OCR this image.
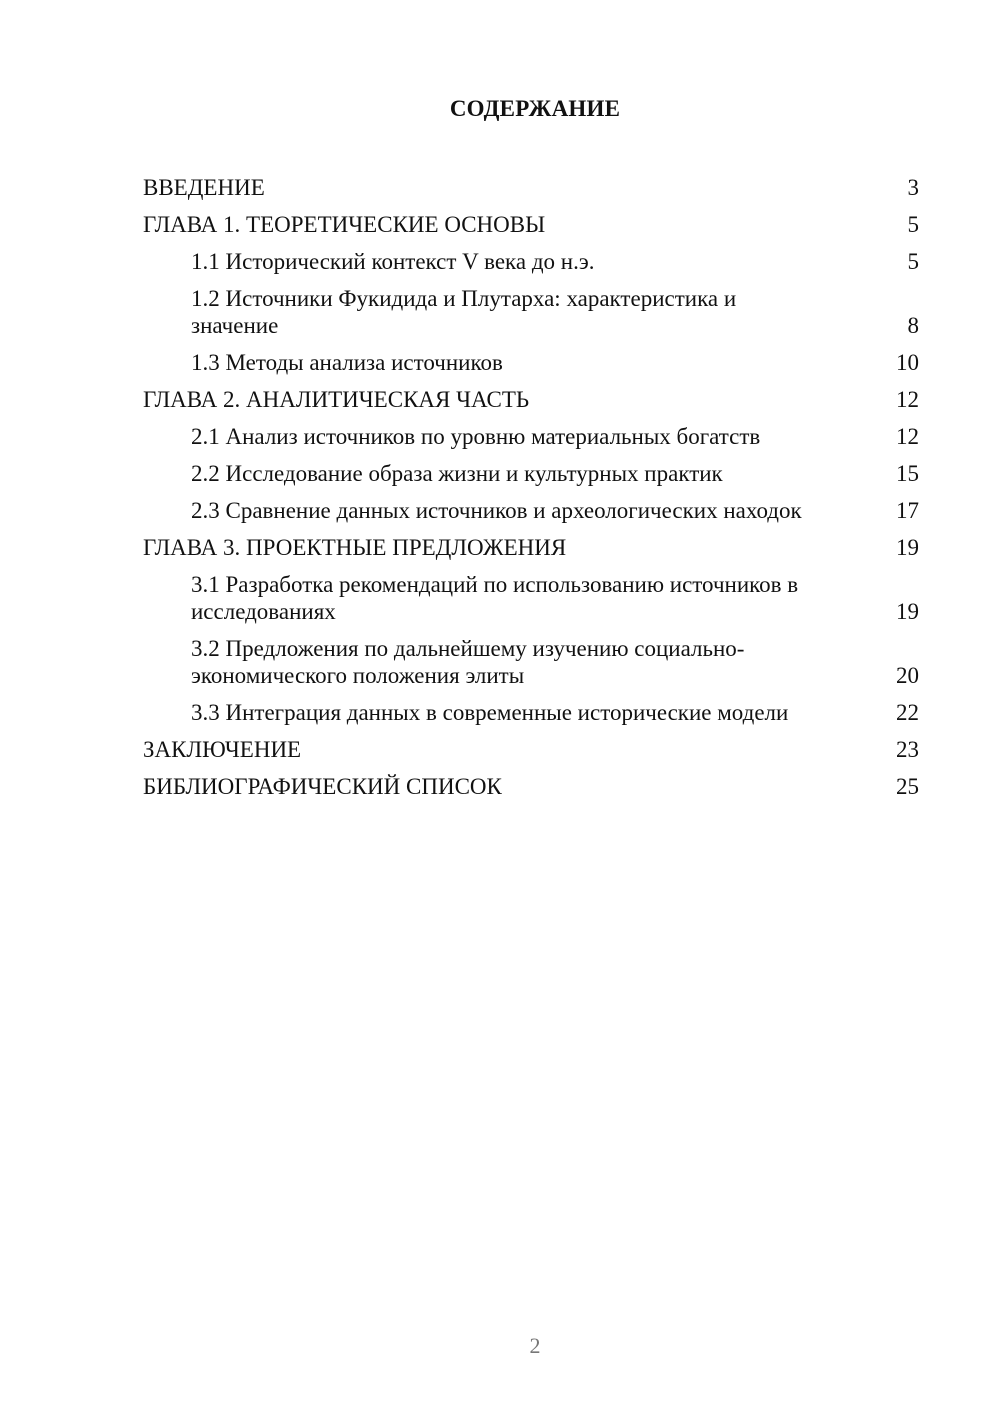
СОДЕРЖАНИЕ
ВВЕДЕНИЕ	3
ГЛАВА 1. ТЕОРЕТИЧЕСКИЕ ОСНОВЫ	5
1.1 Исторический контекст V века до н.э.	5
1.2 Источники Фукидида и Плутарха: характеристика и значение	8
1.3 Методы анализа источников	10
ГЛАВА 2. АНАЛИТИЧЕСКАЯ ЧАСТЬ	12
2.1 Анализ источников по уровню материальных богатств	12
2.2 Исследование образа жизни и культурных практик	15
2.3 Сравнение данных источников и археологических находок	17
ГЛАВА 3. ПРОЕКТНЫЕ ПРЕДЛОЖЕНИЯ	19
3.1 Разработка рекомендаций по использованию источников в исследованиях	19
3.2 Предложения по дальнейшему изучению социально-экономического положения элиты	20
3.3 Интеграция данных в современные исторические модели	22
ЗАКЛЮЧЕНИЕ	23
БИБЛИОГРАФИЧЕСКИЙ СПИСОК	25
2
